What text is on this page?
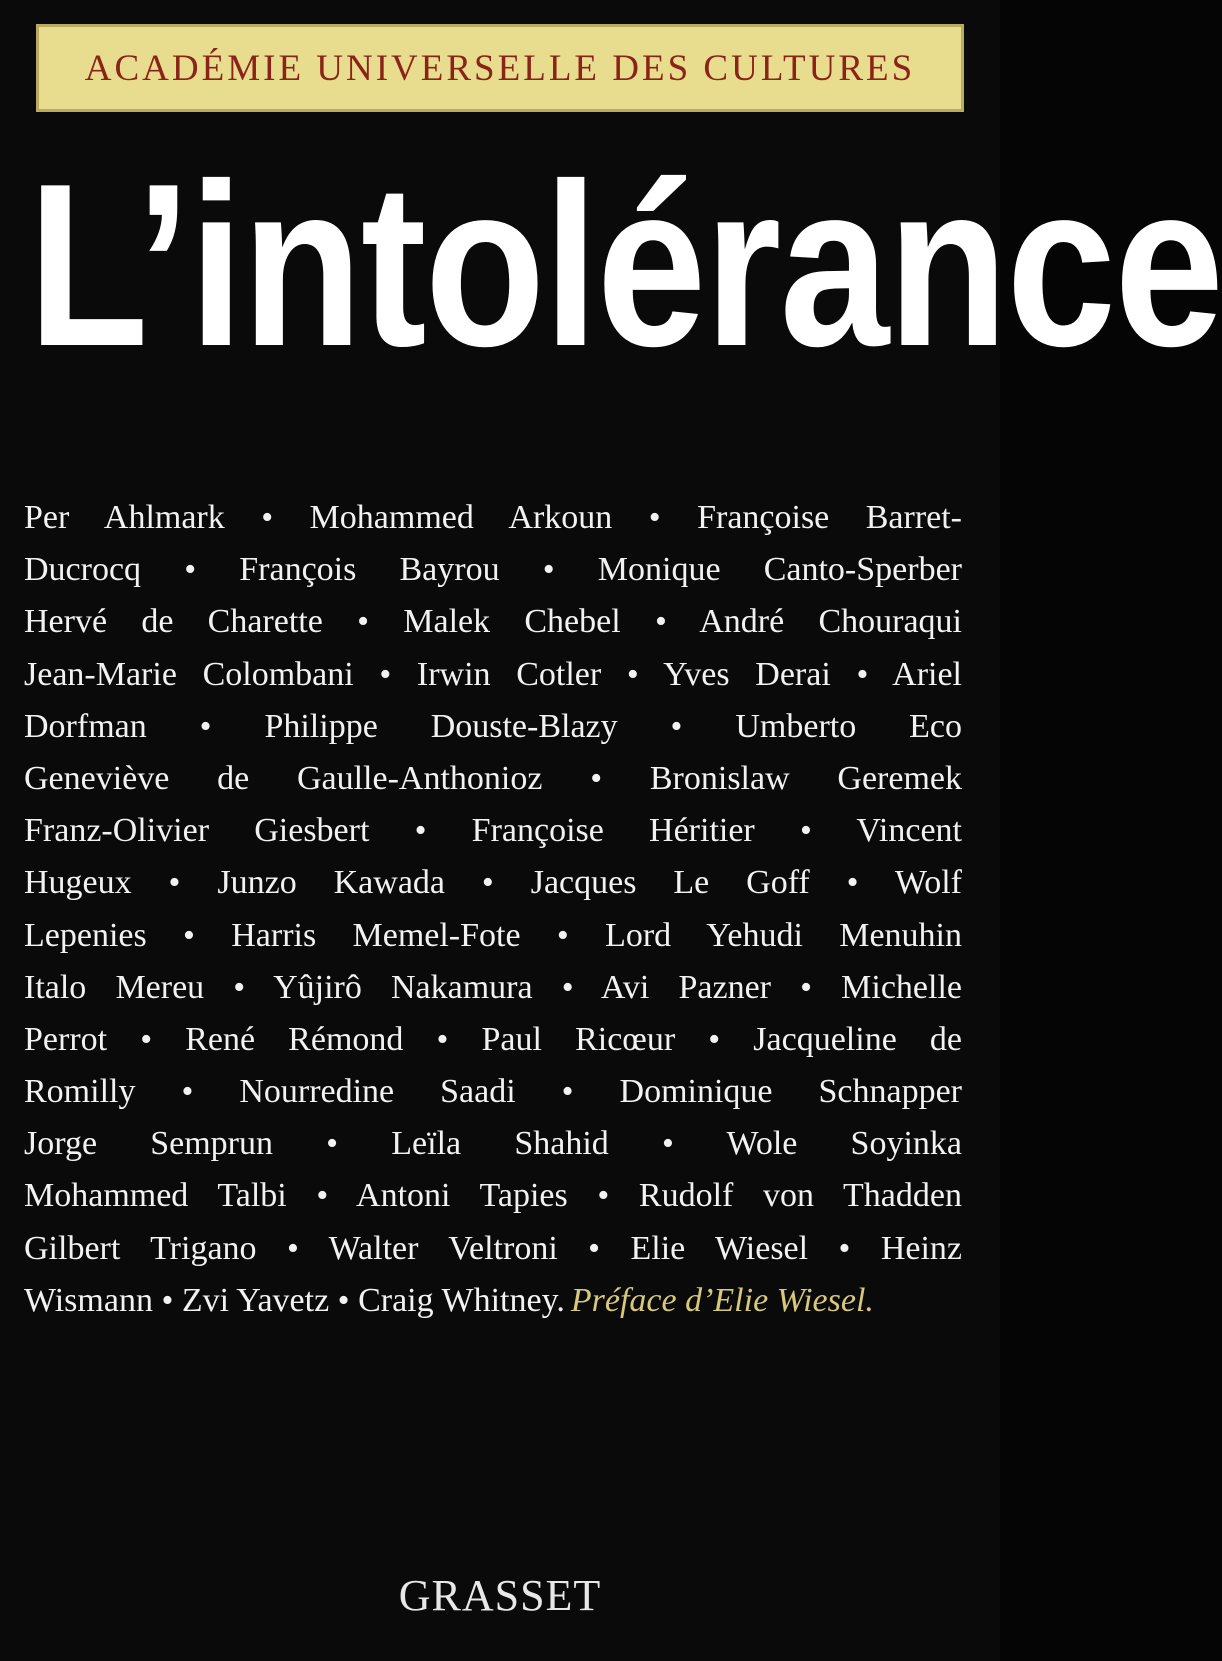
ACADÉMIE UNIVERSELLE DES CULTURES
L’intolérance
Per Ahlmark • Mohammed Arkoun • Françoise Barret-
Ducrocq • François Bayrou • Monique Canto-Sperber
Hervé de Charette • Malek Chebel • André Chouraqui
Jean-Marie Colombani • Irwin Cotler • Yves Derai • Ariel
Dorfman • Philippe Douste-Blazy • Umberto Eco
Geneviève de Gaulle-Anthonioz • Bronislaw Geremek
Franz-Olivier Giesbert • Françoise Héritier • Vincent
Hugeux • Junzo Kawada • Jacques Le Goff • Wolf
Lepenies • Harris Memel-Fote • Lord Yehudi Menuhin
Italo Mereu • Yûjirô Nakamura • Avi Pazner • Michelle
Perrot • René Rémond • Paul Ricœur • Jacqueline de
Romilly • Nourredine Saadi • Dominique Schnapper
Jorge Semprun • Leïla Shahid • Wole Soyinka
Mohammed Talbi • Antoni Tapies • Rudolf von Thadden
Gilbert Trigano • Walter Veltroni • Elie Wiesel • Heinz
Wismann • Zvi Yavetz • Craig Whitney. Préface d’Elie Wiesel.
GRASSET
